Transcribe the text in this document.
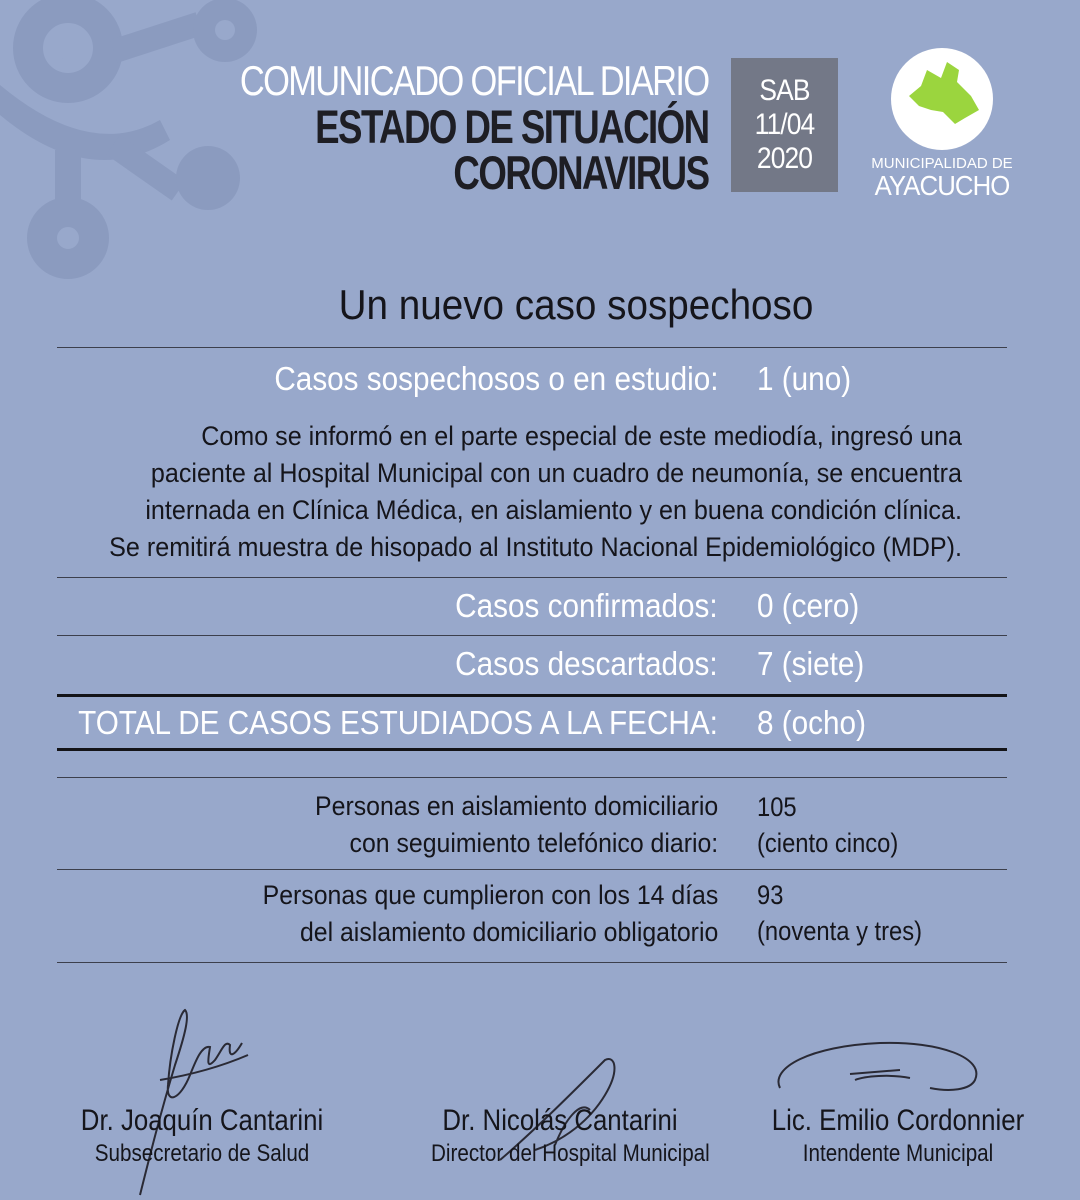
COMUNICADO OFICIAL DIARIO
ESTADO DE SITUACIÓN
CORONAVIRUS
SAB
11/04
2020	MUNICIPALIDAD DE
AYACUCHO
Un nuevo caso sospechoso
Casos sospechosos o en estudio: 1 (uno)
Como se informó en el parte especial de este mediodía, ingresó una
paciente al Hospital Municipal con un cuadro de neumonía, se encuentra
internada en Clínica Médica, en aislamiento y en buena condición clínica.
Se remitirá muestra de hisopado al Instituto Nacional Epidemiológico (MDP).
Casos confirmados: 0 (cero)
Casos descartados: 7 (siete)
TOTAL DE CASOS ESTUDIADOS A LA FECHA: 8 (ocho)
Personas en aislamiento domiciliario
con seguimiento telefónico diario:
105
(ciento cinco)
Personas que cumplieron con los 14 días
del aislamiento domiciliario obligatorio
93
(noventa y tres)
Dr. Joaquín Cantarini
Subsecretario de Salud
Dr. Nicolás Cantarini
Director del Hospital Municipal
Lic. Emilio Cordonnier
Intendente Municipal
